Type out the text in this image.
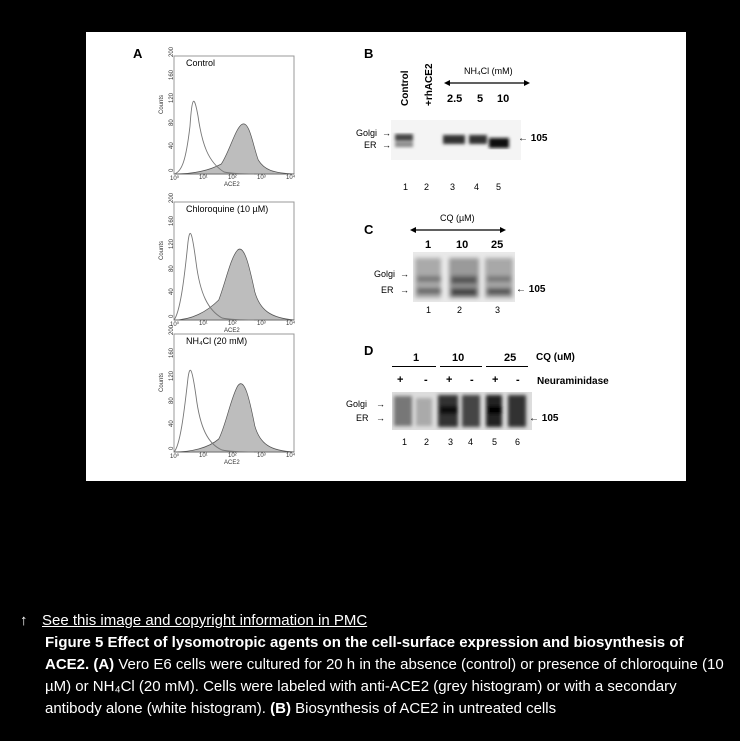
A
Control
Counts
0
40
80
120
160
200
10⁰	10¹	10²	10³	10⁴
ACE2
Chloroquine (10 µM)
Counts
0
40
80
120
160
200
10⁰	10¹	10²	10³	10⁴
ACE2
NH₄Cl (20 mM)
Counts
0
40
80
120
160
200
10⁰	10¹	10²	10³	10⁴
ACE2
B
Control +rhACE2	NH₄Cl (mM)
2.5 5 10
Golgi
ER
→
→
← 105
1 2 3 4 5
C
CQ (µM)
1 10 25
Golgi
ER
→
→	← 105
1	2	3
D	1	10	25 CQ (uM)
+ - + - + - Neuraminidase
Golgi
ER
→
→	← 105
1 2 3 4 5 6
↑ See this image and copyright information in PMC
Figure 5 Effect of lysomotropic agents on the cell-surface expression and biosynthesis of ACE2. (A) Vero E6 cells were cultured for 20 h in the absence (control) or presence of chloroquine (10 µM) or NH₄Cl (20 mM). Cells were labeled with anti-ACE2 (grey histogram) or with a secondary antibody alone (white histogram). (B) Biosynthesis of ACE2 in untreated cells
